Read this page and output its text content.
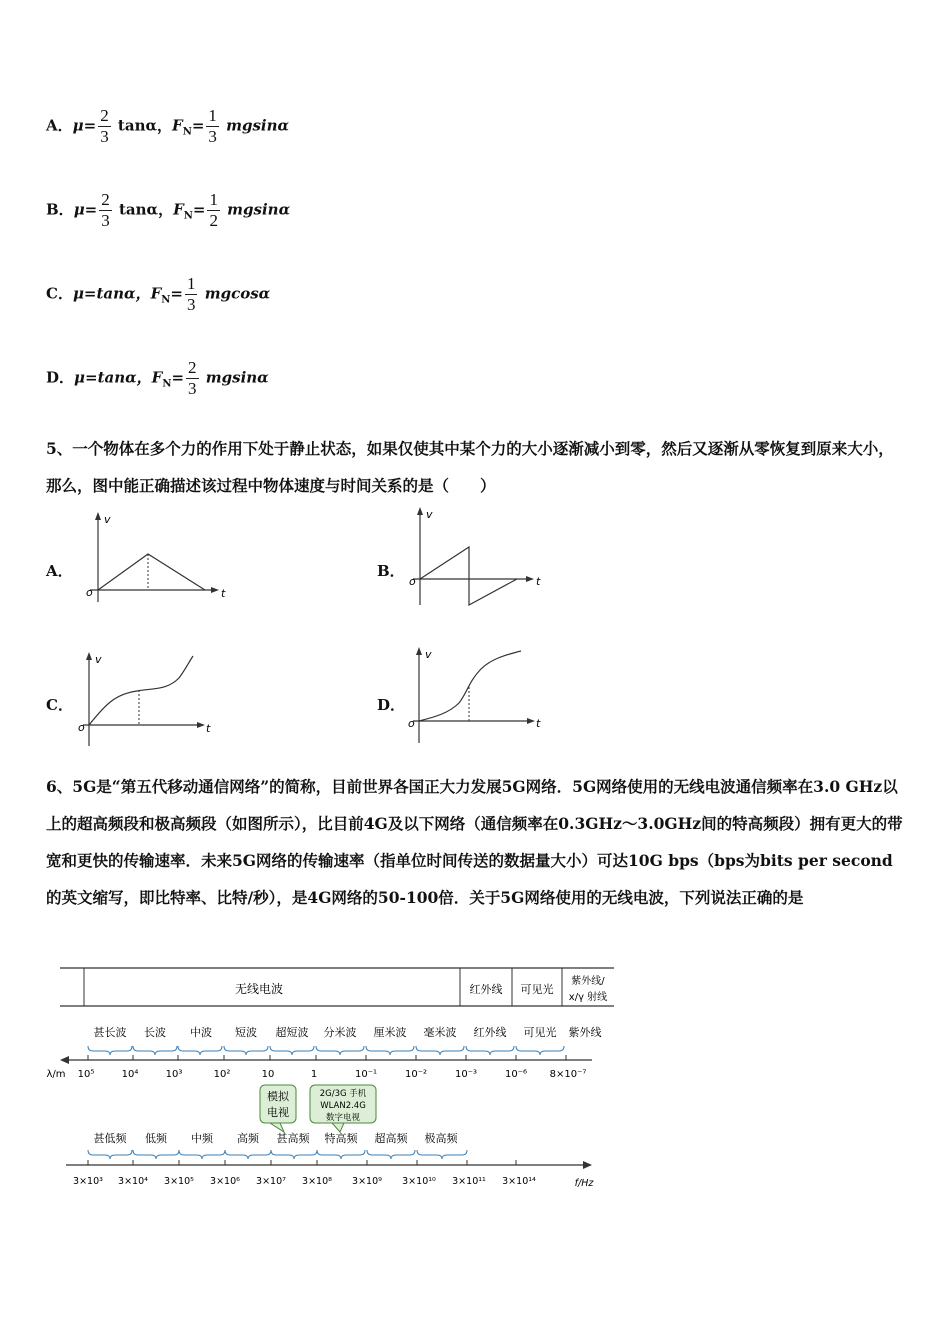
A．$\mu= \frac{2}{3}$ tanα，$F_N= \frac{1}{3}$ mgsinα
B．$\mu= \frac{2}{3}$ tanα，$F_N= \frac{1}{2}$ mgsinα
C．μ=tanα，$F_N= \frac{1}{3}$ mgcosα
D．μ=tanα，$F_N= \frac{2}{3}$ mgsinα
5、一个物体在多个力的作用下处于静止状态，如果仅使其中某个力的大小逐渐减小到零，然后又逐渐从零恢复到原来大小，那么，图中能正确描述该过程中物体速度与时间关系的是（　　）
A．
v
t
o
B．
v
t
o
C．
v
t
o
D．
v
t
o
6、5G是“第五代移动通信网络”的简称，目前世界各国正大力发展5G网络．5G网络使用的无线电波通信频率在3.0 GHz以上的超高频段和极高频段（如图所示），比目前4G及以下网络（通信频率在0.3GHz～3.0GHz间的特高频段）拥有更大的带宽和更快的传输速率．未来5G网络的传输速率（指单位时间传送的数据量大小）可达10G bps（bps为bits per second的英文缩写，即比特率、比特/秒），是4G网络的50-100倍．关于5G网络使用的无线电波，下列说法正确的是
无线电波	红外线 可见光
紫外线/
x/γ 射线
甚长波 长波 中波 短波 超短波 分米波 厘米波 毫米波 红外线 可见光 紫外线
λ/m 10⁵	10⁴	10³	10²	10	1	10⁻¹	10⁻²	10⁻³	10⁻⁶ 8×10⁻⁷
模拟
电视
2G/3G 手机
WLAN2.4G
数字电视
甚低频 低频 中频 高频 甚高频 特高频 超高频 极高频
3×10³ 3×10⁴ 3×10⁵ 3×10⁶ 3×10⁷ 3×10⁸ 3×10⁹ 3×10¹⁰ 3×10¹¹ 3×10¹⁴	f/Hz
